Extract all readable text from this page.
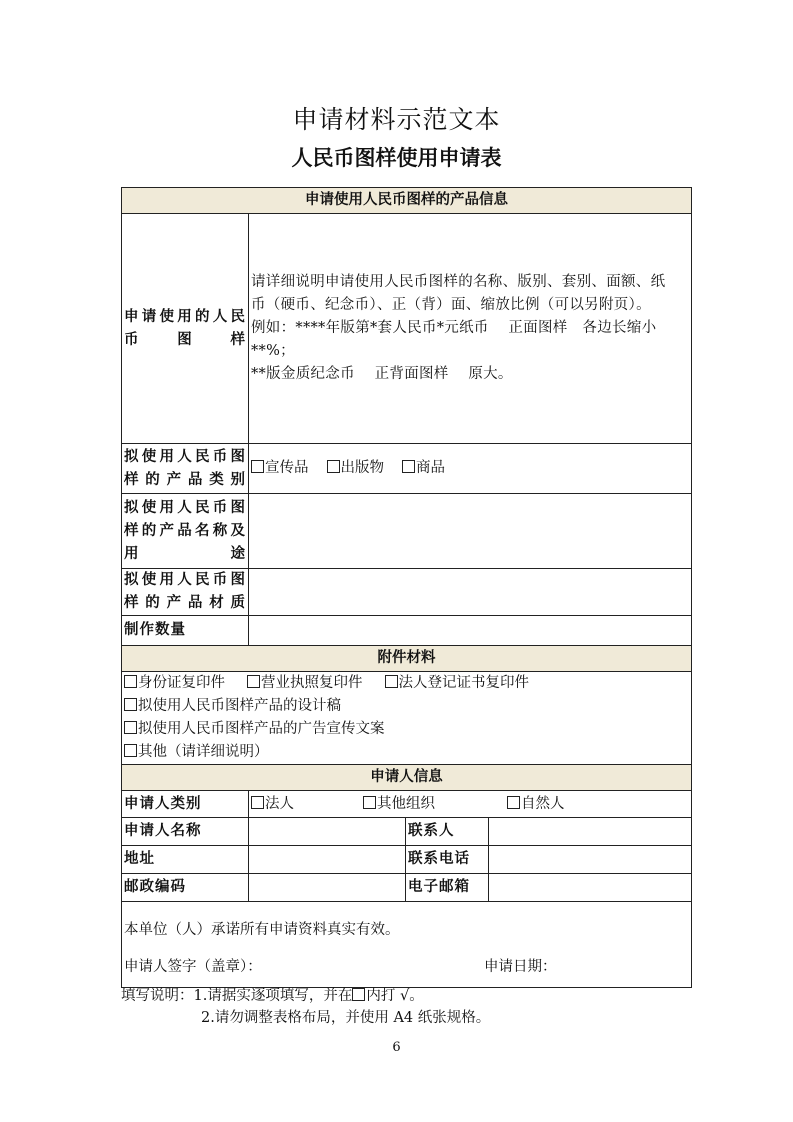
申请材料示范文本
人民币图样使用申请表
申请使用人民币图样的产品信息			
申请使用的人民币图样	请详细说明申请使用人民币图样的名称、版别、套别、面额、纸
币（硬币、纪念币）、正（背）面、缩放比例（可以另附页）。
例如：****年版第*套人民币*元纸币　 正面图样　各边长缩小
**%；
**版金质纪念币　 正背面图样　 原大。		

拟使用人民币图样的产品类别	宣传品 出版物 商品		
拟使用人民币图样的产品名称及用途			
拟使用人民币图样的产品材质			
制作数量			
附件材料			

身份证复印件 营业执照复印件 法人登记证书复印件
拟使用人民币图样产品的设计稿
拟使用人民币图样产品的广告宣传文案
其他（请详细说明）			

申请人信息			
申请人类别	法人 其他组织 自然人		
申请人名称		联系人	
地址		联系电话	
邮政编码		电子邮箱	

本单位（人）承诺所有申请资料真实有效。
申请人签字（盖章）： 申请日期：			
填写说明：1.请据实逐项填写，并在 内打 √。
2.请勿调整表格布局，并使用 A4 纸张规格。
6
